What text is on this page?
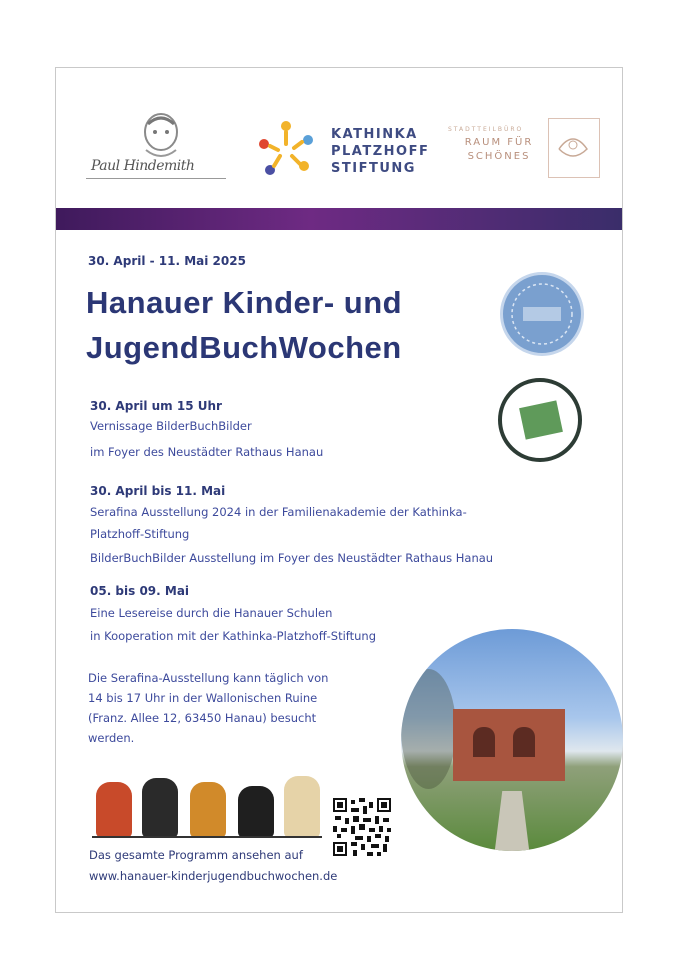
Paul Hindemith
KATHINKA
PLATZHOFF
STIFTUNG
STADTTEILBÜRO
RAUM FÜR
SCHÖNES
30. April - 11. Mai 2025
Hanauer Kinder- und
JugendBuchWochen
30. April um 15 Uhr
Vernissage BilderBuchBilder
im Foyer des Neustädter Rathaus Hanau
30. April bis 11. Mai
Serafina Ausstellung 2024 in der Familienakademie der Kathinka-
Platzhoff-Stiftung
BilderBuchBilder Ausstellung im Foyer des Neustädter Rathaus Hanau
05. bis 09. Mai
Eine Lesereise durch die Hanauer Schulen
in Kooperation mit der Kathinka-Platzhoff-Stiftung
Die Serafina-Ausstellung kann täglich von
14 bis 17 Uhr in der Wallonischen Ruine
(Franz. Allee 12, 63450 Hanau) besucht
werden.
Das gesamte Programm ansehen auf
www.hanauer-kinderjugendbuchwochen.de
